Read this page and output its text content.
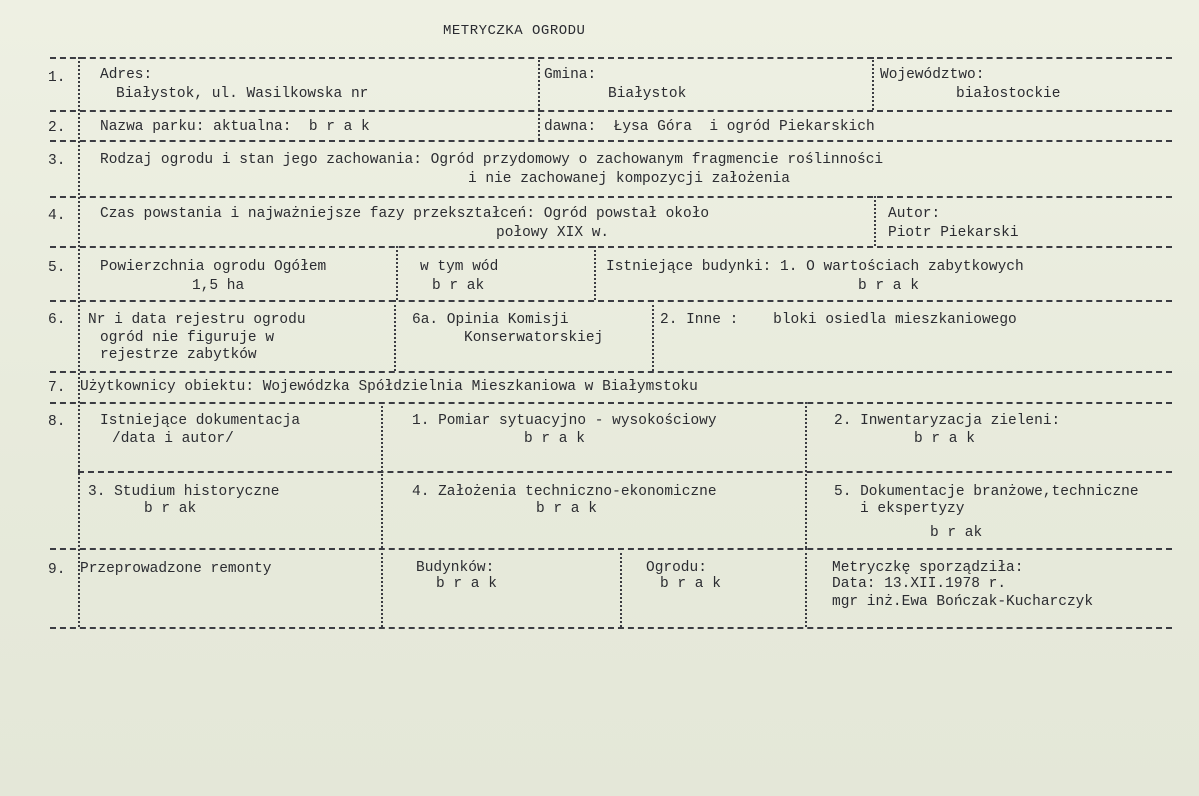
METRYCZKA OGRODU
1. Adres:
Białystok, ul. Wasilkowska nr
Gmina:
Białystok
Województwo:
białostockie
2. Nazwa parku: aktualna:  b r a k	dawna:  Łysa Góra  i ogród Piekarskich
3. Rodzaj ogrodu i stan jego zachowania: Ogród przydomowy o zachowanym fragmencie roślinności
i nie zachowanej kompozycji założenia
4. Czas powstania i najważniejsze fazy przekształceń: Ogród powstał około
połowy XIX w.
Autor:
Piotr Piekarski
5. Powierzchnia ogrodu Ogółem
1,5 ha
w tym wód
b r ak
Istniejące budynki: 1. O wartościach zabytkowych
b r a k
6. Nr i data rejestru ogrodu
ogród nie figuruje w
rejestrze zabytków
6a. Opinia Komisji
Konserwatorskiej
2. Inne :    bloki osiedla mieszkaniowego
7. Użytkownicy obiektu: Wojewódzka Spółdzielnia Mieszkaniowa w Białymstoku
8. Istniejące dokumentacja
/data i autor/
1. Pomiar sytuacyjno - wysokościowy
b r a k
2. Inwentaryzacja zieleni:
b r a k
3. Studium historyczne
b r ak
4. Założenia techniczno-ekonomiczne
b r a k
5. Dokumentacje branżowe,techniczne
i ekspertyzy
b r ak
9. Przeprowadzone remonty	Budynków:
b r a k
Ogrodu:
b r a k
Metryczkę sporządziła:
Data: 13.XII.1978 r.
mgr inż.Ewa Bończak-Kucharczyk
